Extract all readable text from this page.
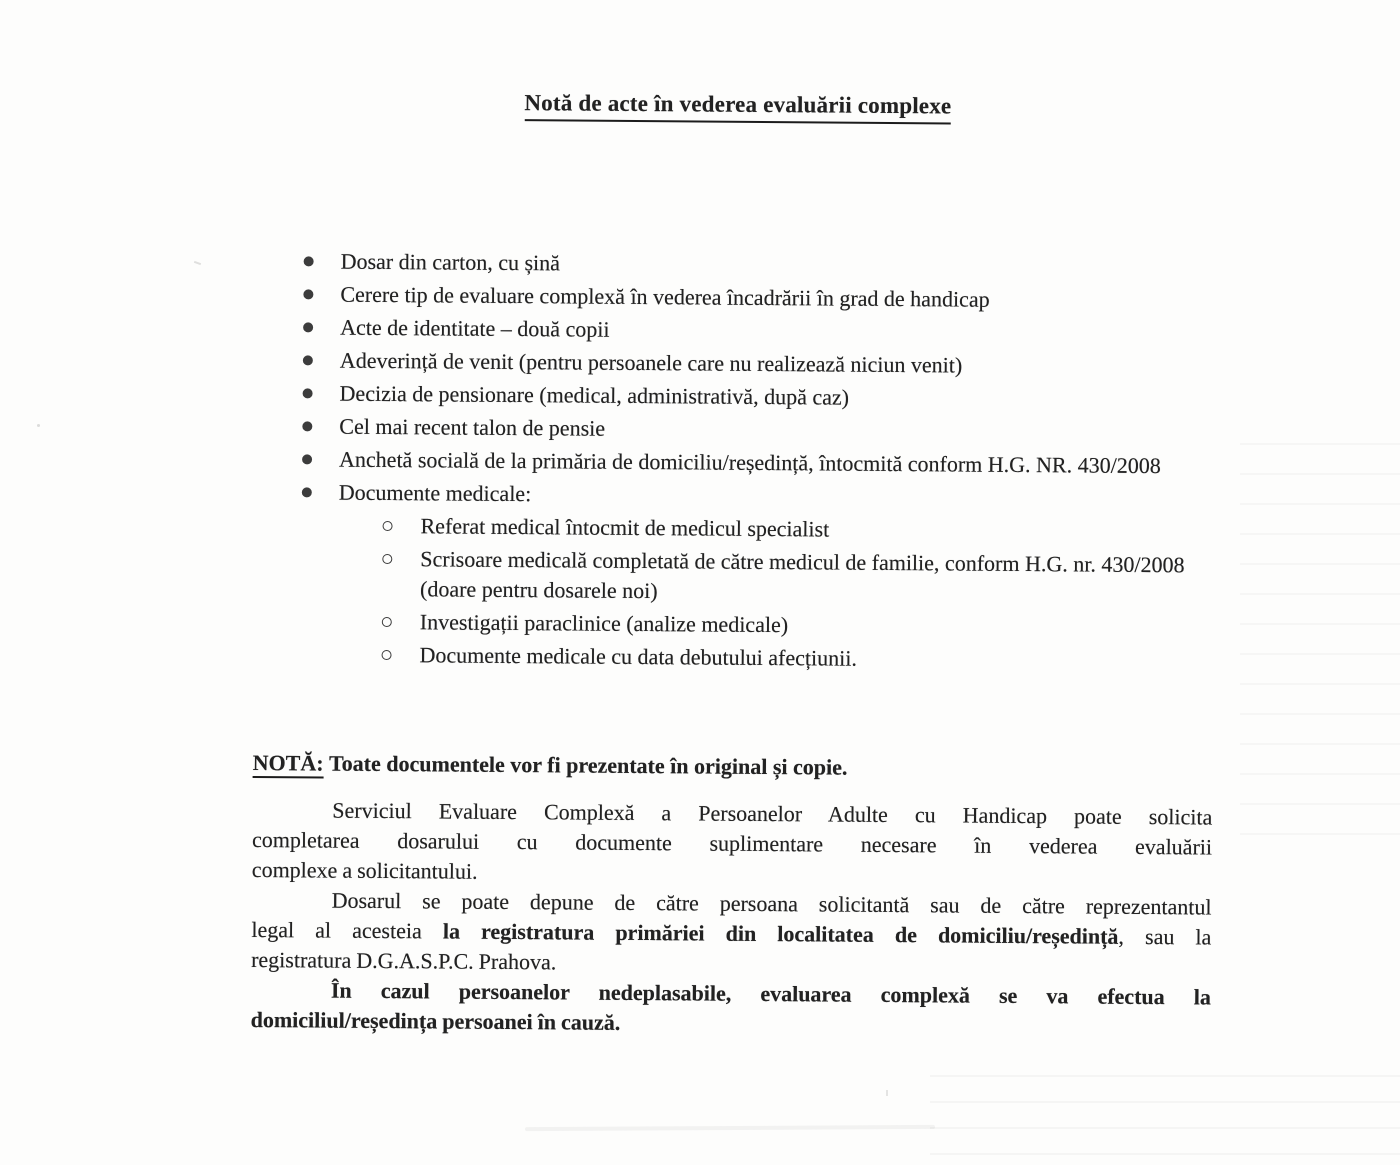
Notă de acte în vederea evaluării complexe
Dosar din carton, cu șină
Cerere tip de evaluare complexă în vederea încadrării în grad de handicap
Acte de identitate – două copii
Adeverință de venit (pentru persoanele care nu realizează niciun venit)
Decizia de pensionare (medical, administrativă, după caz)
Cel mai recent talon de pensie
Anchetă socială de la primăria de domiciliu/reședință, întocmită conform H.G. NR. 430/2008
Documente medicale:
Referat medical întocmit de medicul specialist
Scrisoare medicală completată de către medicul de familie, conform H.G. nr. 430/2008 (doare pentru dosarele noi)
Investigații paraclinice (analize medicale)
Documente medicale cu data debutului afecțiunii.

NOTĂ: Toate documentele vor fi prezentate în original și copie.

Serviciul Evaluare Complexă a Persoanelor Adulte cu Handicap poate solicita

completarea dosarului cu documente suplimentare necesare în vederea evaluării

complexe a solicitantului.

Dosarul se poate depune de către persoana solicitantă sau de către reprezentantul

legal al acesteia la registratura primăriei din localitatea de domiciliu/reședință, sau la

registratura D.G.A.S.P.C. Prahova.

În cazul persoanelor nedeplasabile, evaluarea complexă se va efectua la

domiciliul/reședința persoanei în cauză.
